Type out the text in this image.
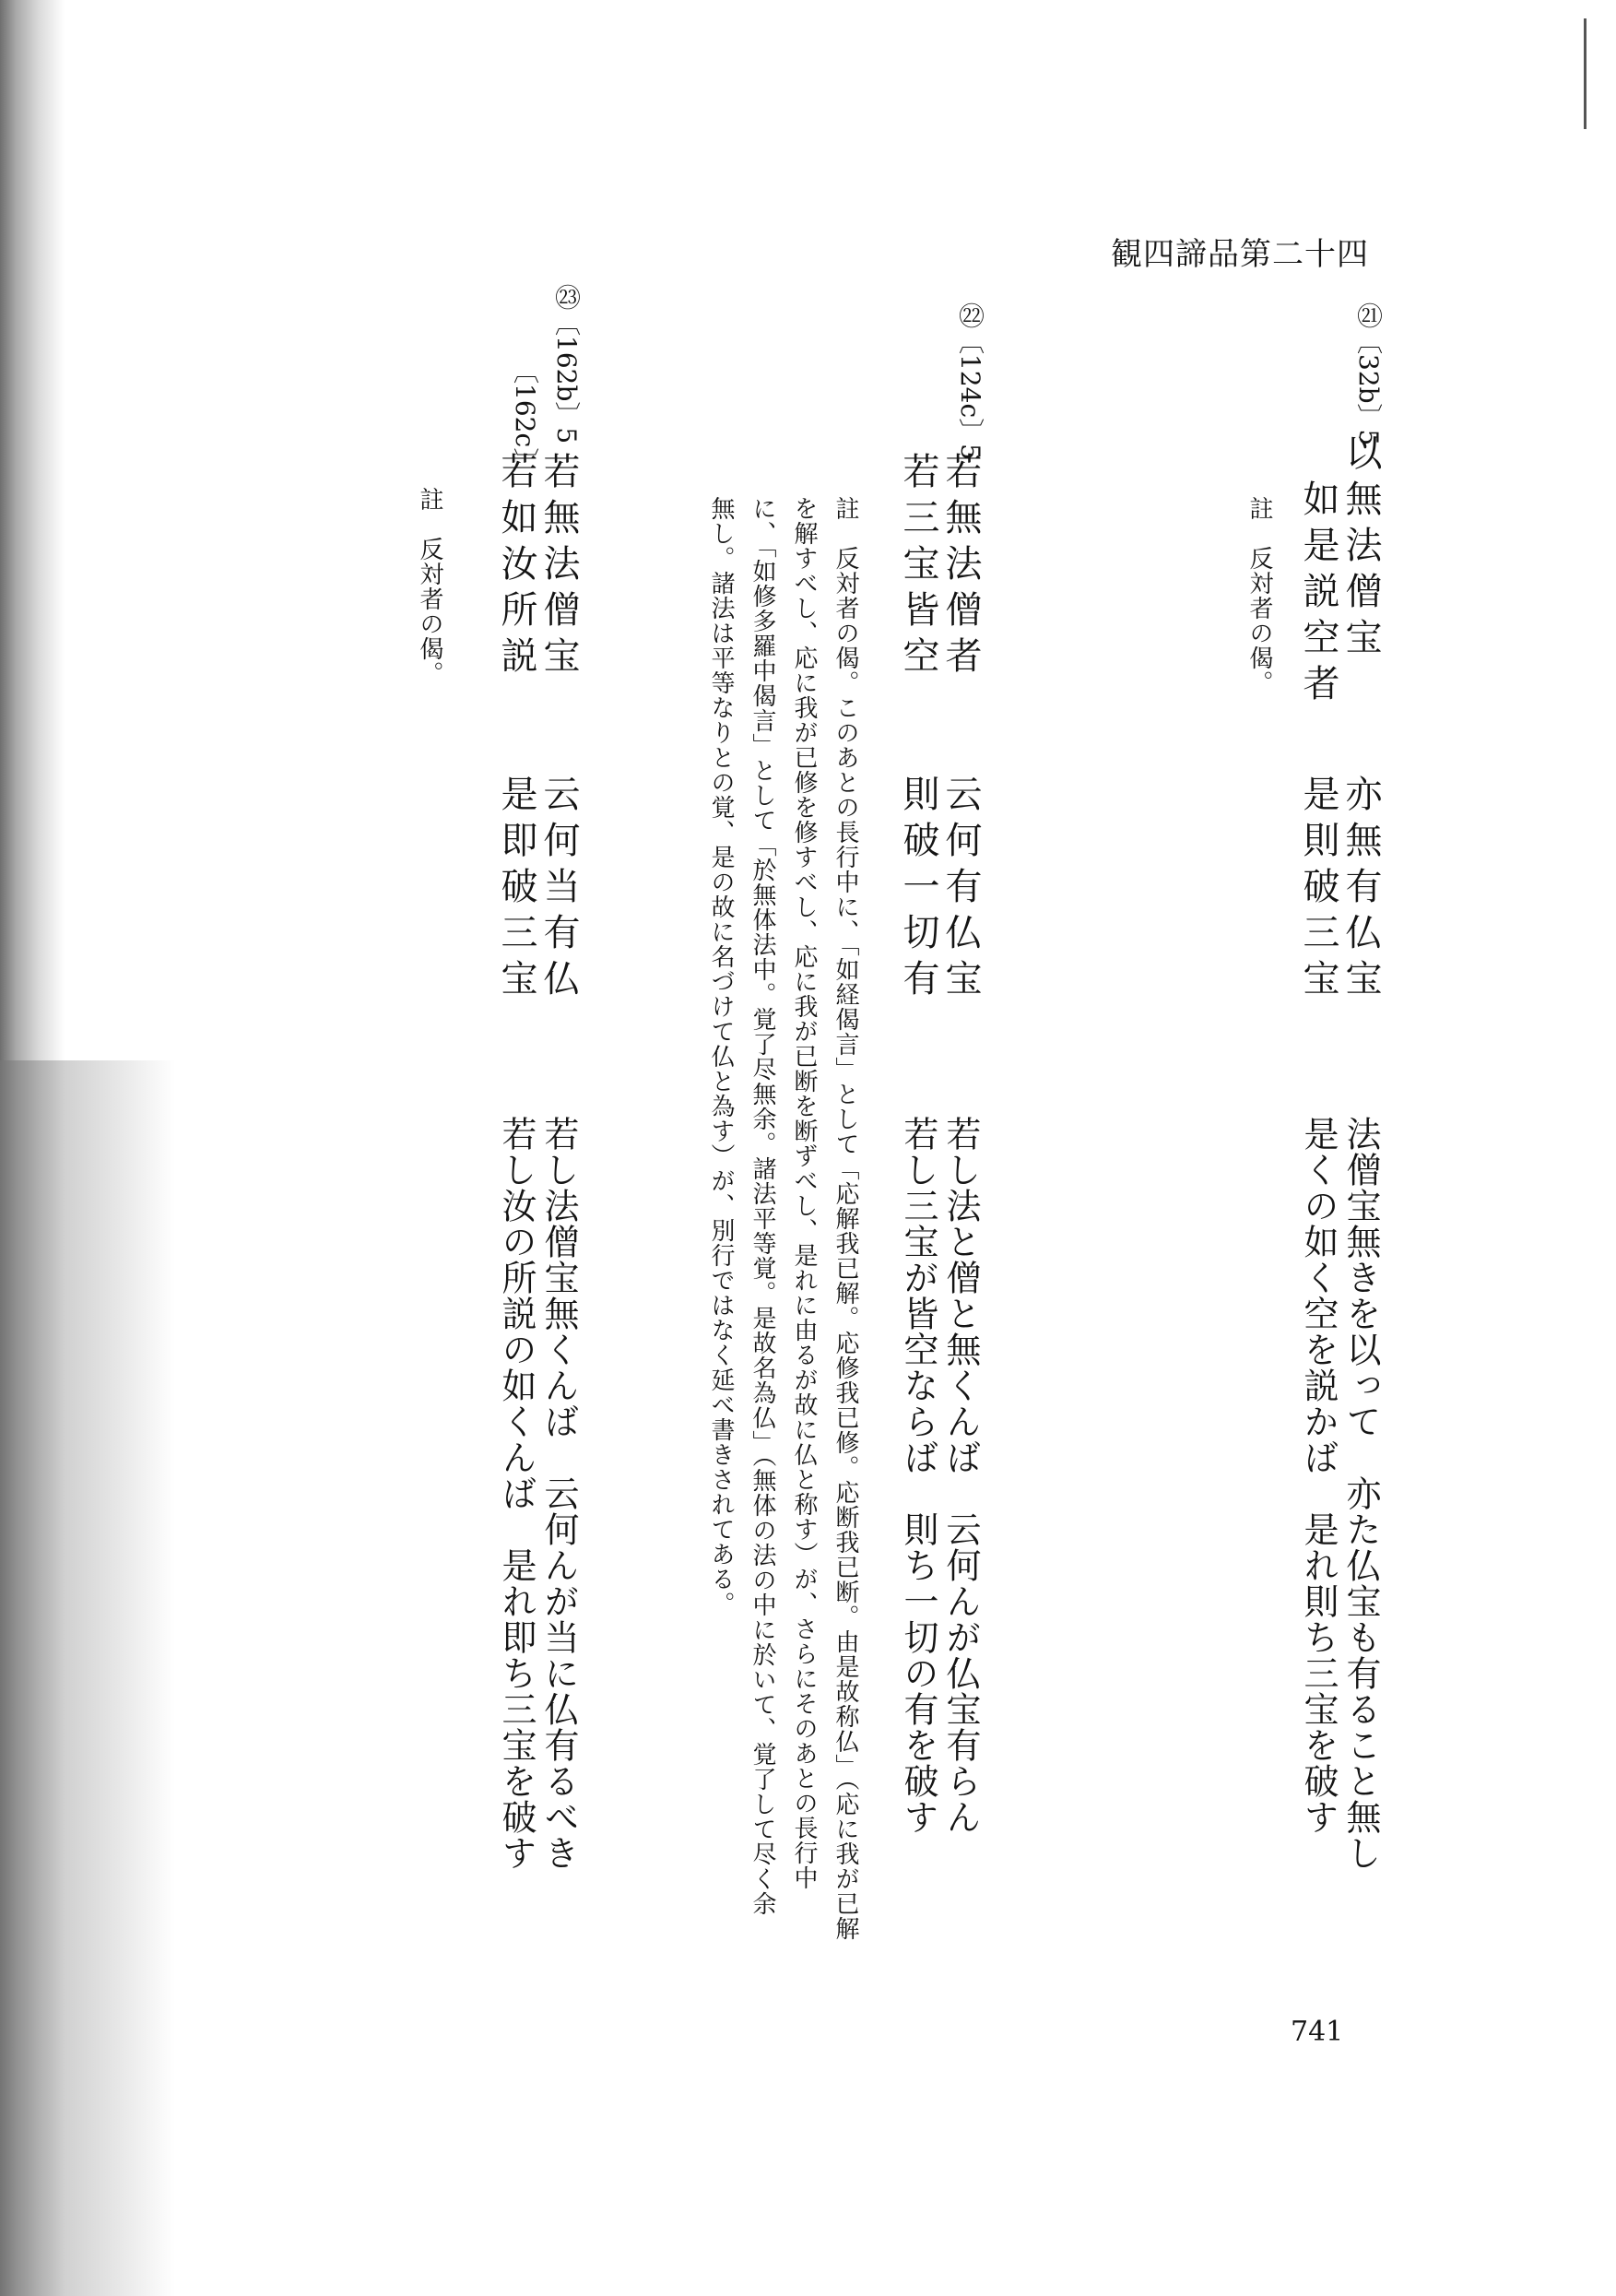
観四諦品第二十四
㉑〔32b〕5
以無法僧宝
亦無有仏宝
如是説空者
是則破三宝
法僧宝無きを以って　亦た仏宝も有ること無し
是くの如く空を説かば　是れ則ち三宝を破す
註　反対者の偈。
㉒〔124c〕5
若無法僧者
云何有仏宝
若三宝皆空
則破一切有
若し法と僧と無くんば　云何んが仏宝有らん
若し三宝が皆空ならば　則ち一切の有を破す
註　反対者の偈。このあとの長行中に、「如経偈言」として「応解我已解。応修我已修。応断我已断。由是故称仏」（応に我が已解
を解すべし、応に我が已修を修すべし、応に我が已断を断ずべし、是れに由るが故に仏と称す）が、さらにそのあとの長行中
に、「如修多羅中偈言」として「於無体法中。覚了尽無余。諸法平等覚。是故名為仏」（無体の法の中に於いて、覚了して尽く余
無し。諸法は平等なりとの覚、是の故に名づけて仏と為す）が、別行ではなく延べ書きされてある。
㉓〔162b〕5
〔162c〕
若無法僧宝
云何当有仏
若如汝所説
是即破三宝
若し法僧宝無くんば　云何んが当に仏有るべき
若し汝の所説の如くんば　是れ即ち三宝を破す
註　反対者の偈。
741
